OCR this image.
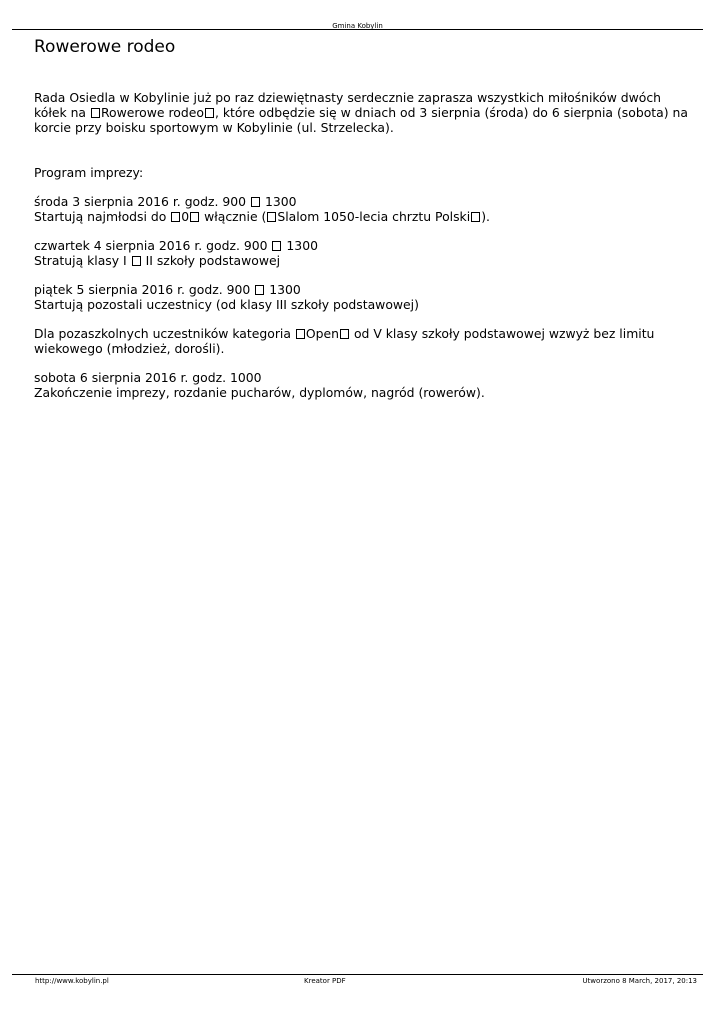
Gmina Kobylin
Rowerowe rodeo

Rada Osiedla w Kobylinie już po raz dziewiętnasty serdecznie zaprasza wszystkich miłośników dwóch kółek na Rowerowe rodeo , które odbędzie się w dniach od 3 sierpnia (środa) do 6 sierpnia (sobota) na korcie przy boisku sportowym w Kobylinie (ul. Strzelecka).

Program imprezy:

środa 3 sierpnia 2016 r. godz. 900 1300
Startują najmłodsi do 0 włącznie ( Slalom 1050-lecia chrztu Polski ).

czwartek 4 sierpnia 2016 r. godz. 900 1300
Stratują klasy I II szkoły podstawowej

piątek 5 sierpnia 2016 r. godz. 900 1300
Startują pozostali uczestnicy (od klasy III szkoły podstawowej)

Dla pozaszkolnych uczestników kategoria Open od V klasy szkoły podstawowej wzwyż bez limitu wiekowego (młodzież, dorośli).

sobota 6 sierpnia 2016 r. godz. 1000
Zakończenie imprezy, rozdanie pucharów, dyplomów, nagród (rowerów).

http://www.kobylin.pl	Kreator PDF	Utworzono 8 March, 2017, 20:13
